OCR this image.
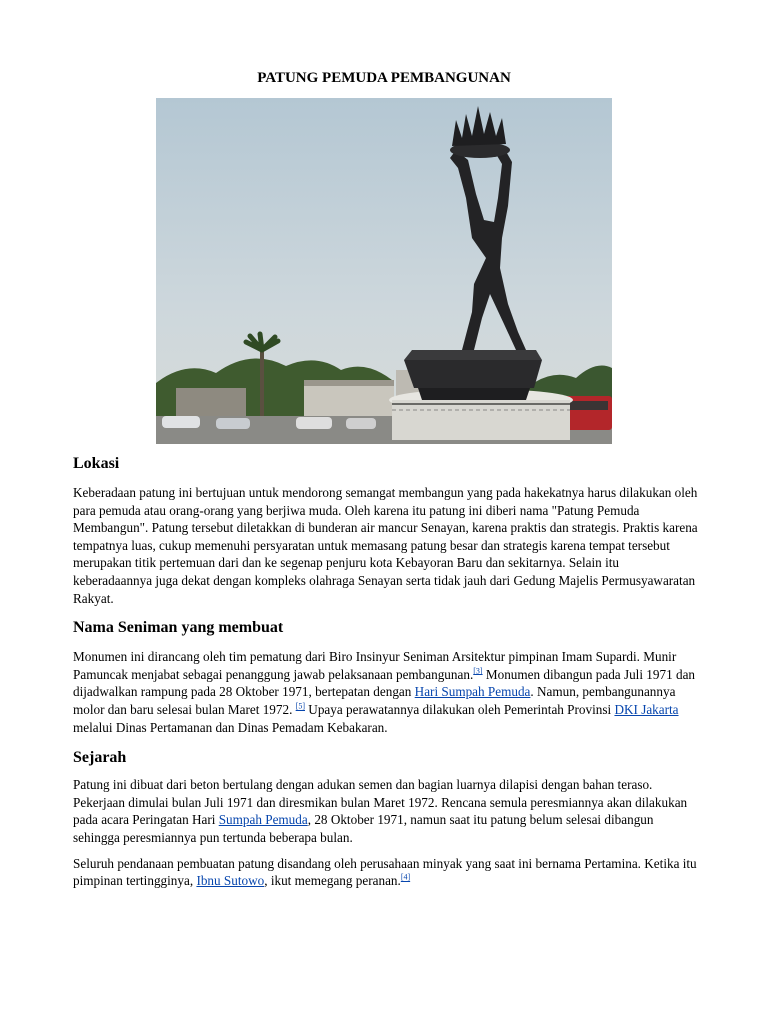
PATUNG PEMUDA PEMBANGUNAN
Lokasi

Keberadaan patung ini bertujuan untuk mendorong semangat membangun yang pada hakekatnya harus dilakukan oleh para pemuda atau orang-orang yang berjiwa muda. Oleh karena itu patung ini diberi nama "Patung Pemuda Membangun". Patung tersebut diletakkan di bunderan air mancur Senayan, karena praktis dan strategis. Praktis karena tempatnya luas, cukup memenuhi persyaratan untuk memasang patung besar dan strategis karena tempat tersebut merupakan titik pertemuan dari dan ke segenap penjuru kota Kebayoran Baru dan sekitarnya. Selain itu keberadaannya juga dekat dengan kompleks olahraga Senayan serta tidak jauh dari Gedung Majelis Permusyawaratan Rakyat.

Nama Seniman yang membuat

Monumen ini dirancang oleh tim pematung dari Biro Insinyur Seniman Arsitektur pimpinan Imam Supardi. Munir Pamuncak menjabat sebagai penanggung jawab pelaksanaan pembangunan.[3] Monumen dibangun pada Juli 1971 dan dijadwalkan rampung pada 28 Oktober 1971, bertepatan dengan Hari Sumpah Pemuda. Namun, pembangunannya molor dan baru selesai bulan Maret 1972. [5] Upaya perawatannya dilakukan oleh Pemerintah Provinsi DKI Jakarta melalui Dinas Pertamanan dan Dinas Pemadam Kebakaran.

Sejarah

Patung ini dibuat dari beton bertulang dengan adukan semen dan bagian luarnya dilapisi dengan bahan teraso. Pekerjaan dimulai bulan Juli 1971 dan diresmikan bulan Maret 1972. Rencana semula peresmiannya akan dilakukan pada acara Peringatan Hari Sumpah Pemuda, 28 Oktober 1971, namun saat itu patung belum selesai dibangun sehingga peresmiannya pun tertunda beberapa bulan.

Seluruh pendanaan pembuatan patung disandang oleh perusahaan minyak yang saat ini bernama Pertamina. Ketika itu pimpinan tertingginya, Ibnu Sutowo, ikut memegang peranan.[4]
